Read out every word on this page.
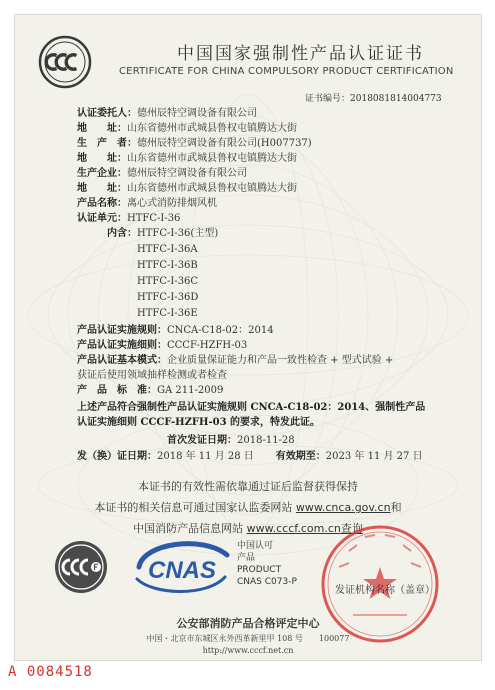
中国国家强制性产品认证证书
CERTIFICATE FOR CHINA COMPULSORY PRODUCT CERTIFICATION
证书编号：2018081814004773
认证委托人：德州辰特空调设备有限公司
地　　址：山东省德州市武城县鲁权屯镇腾达大街
生　产　者：德州辰特空调设备有限公司(H007737)
地　　址：山东省德州市武城县鲁权屯镇腾达大街
生产企业：德州辰特空调设备有限公司
地　　址：山东省德州市武城县鲁权屯镇腾达大街
产品名称：离心式消防排烟风机
认证单元：HTFC-I-36
内含：HTFC-I-36(主型)
HTFC-I-36A
HTFC-I-36B
HTFC-I-36C
HTFC-I-36D
HTFC-I-36E
产品认证实施规则：CNCA-C18-02：2014
产品认证实施细则：CCCF-HZFH-03
产品认证基本模式：企业质量保证能力和产品一致性检查 + 型式试验 +
获证后使用领域抽样检测或者检查
产　品　标　准：GA 211-2009
上述产品符合强制性产品认证实施规则 CNCA-C18-02：2014、强制性产品
认证实施细则 CCCF-HZFH-03 的要求，特发此证。
首次发证日期：2018-11-28
发（换）证日期：2018 年 11 月 28 日 有效期至：2023 年 11 月 27 日
本证书的有效性需依靠通过证后监督获得保持
本证书的相关信息可通过国家认监委网站 www.cnca.gov.cn和
中国消防产品信息网站 www.cccf.com.cn查询
CNAS
中国认可
产品
PRODUCT
CNAS C073-P
发证机构名称（盖章）
公安部消防产品合格评定中心
中国・北京市东城区永外西革新里甲 108 号　　100077
http://www.cccf.net.cn
A 0084518
